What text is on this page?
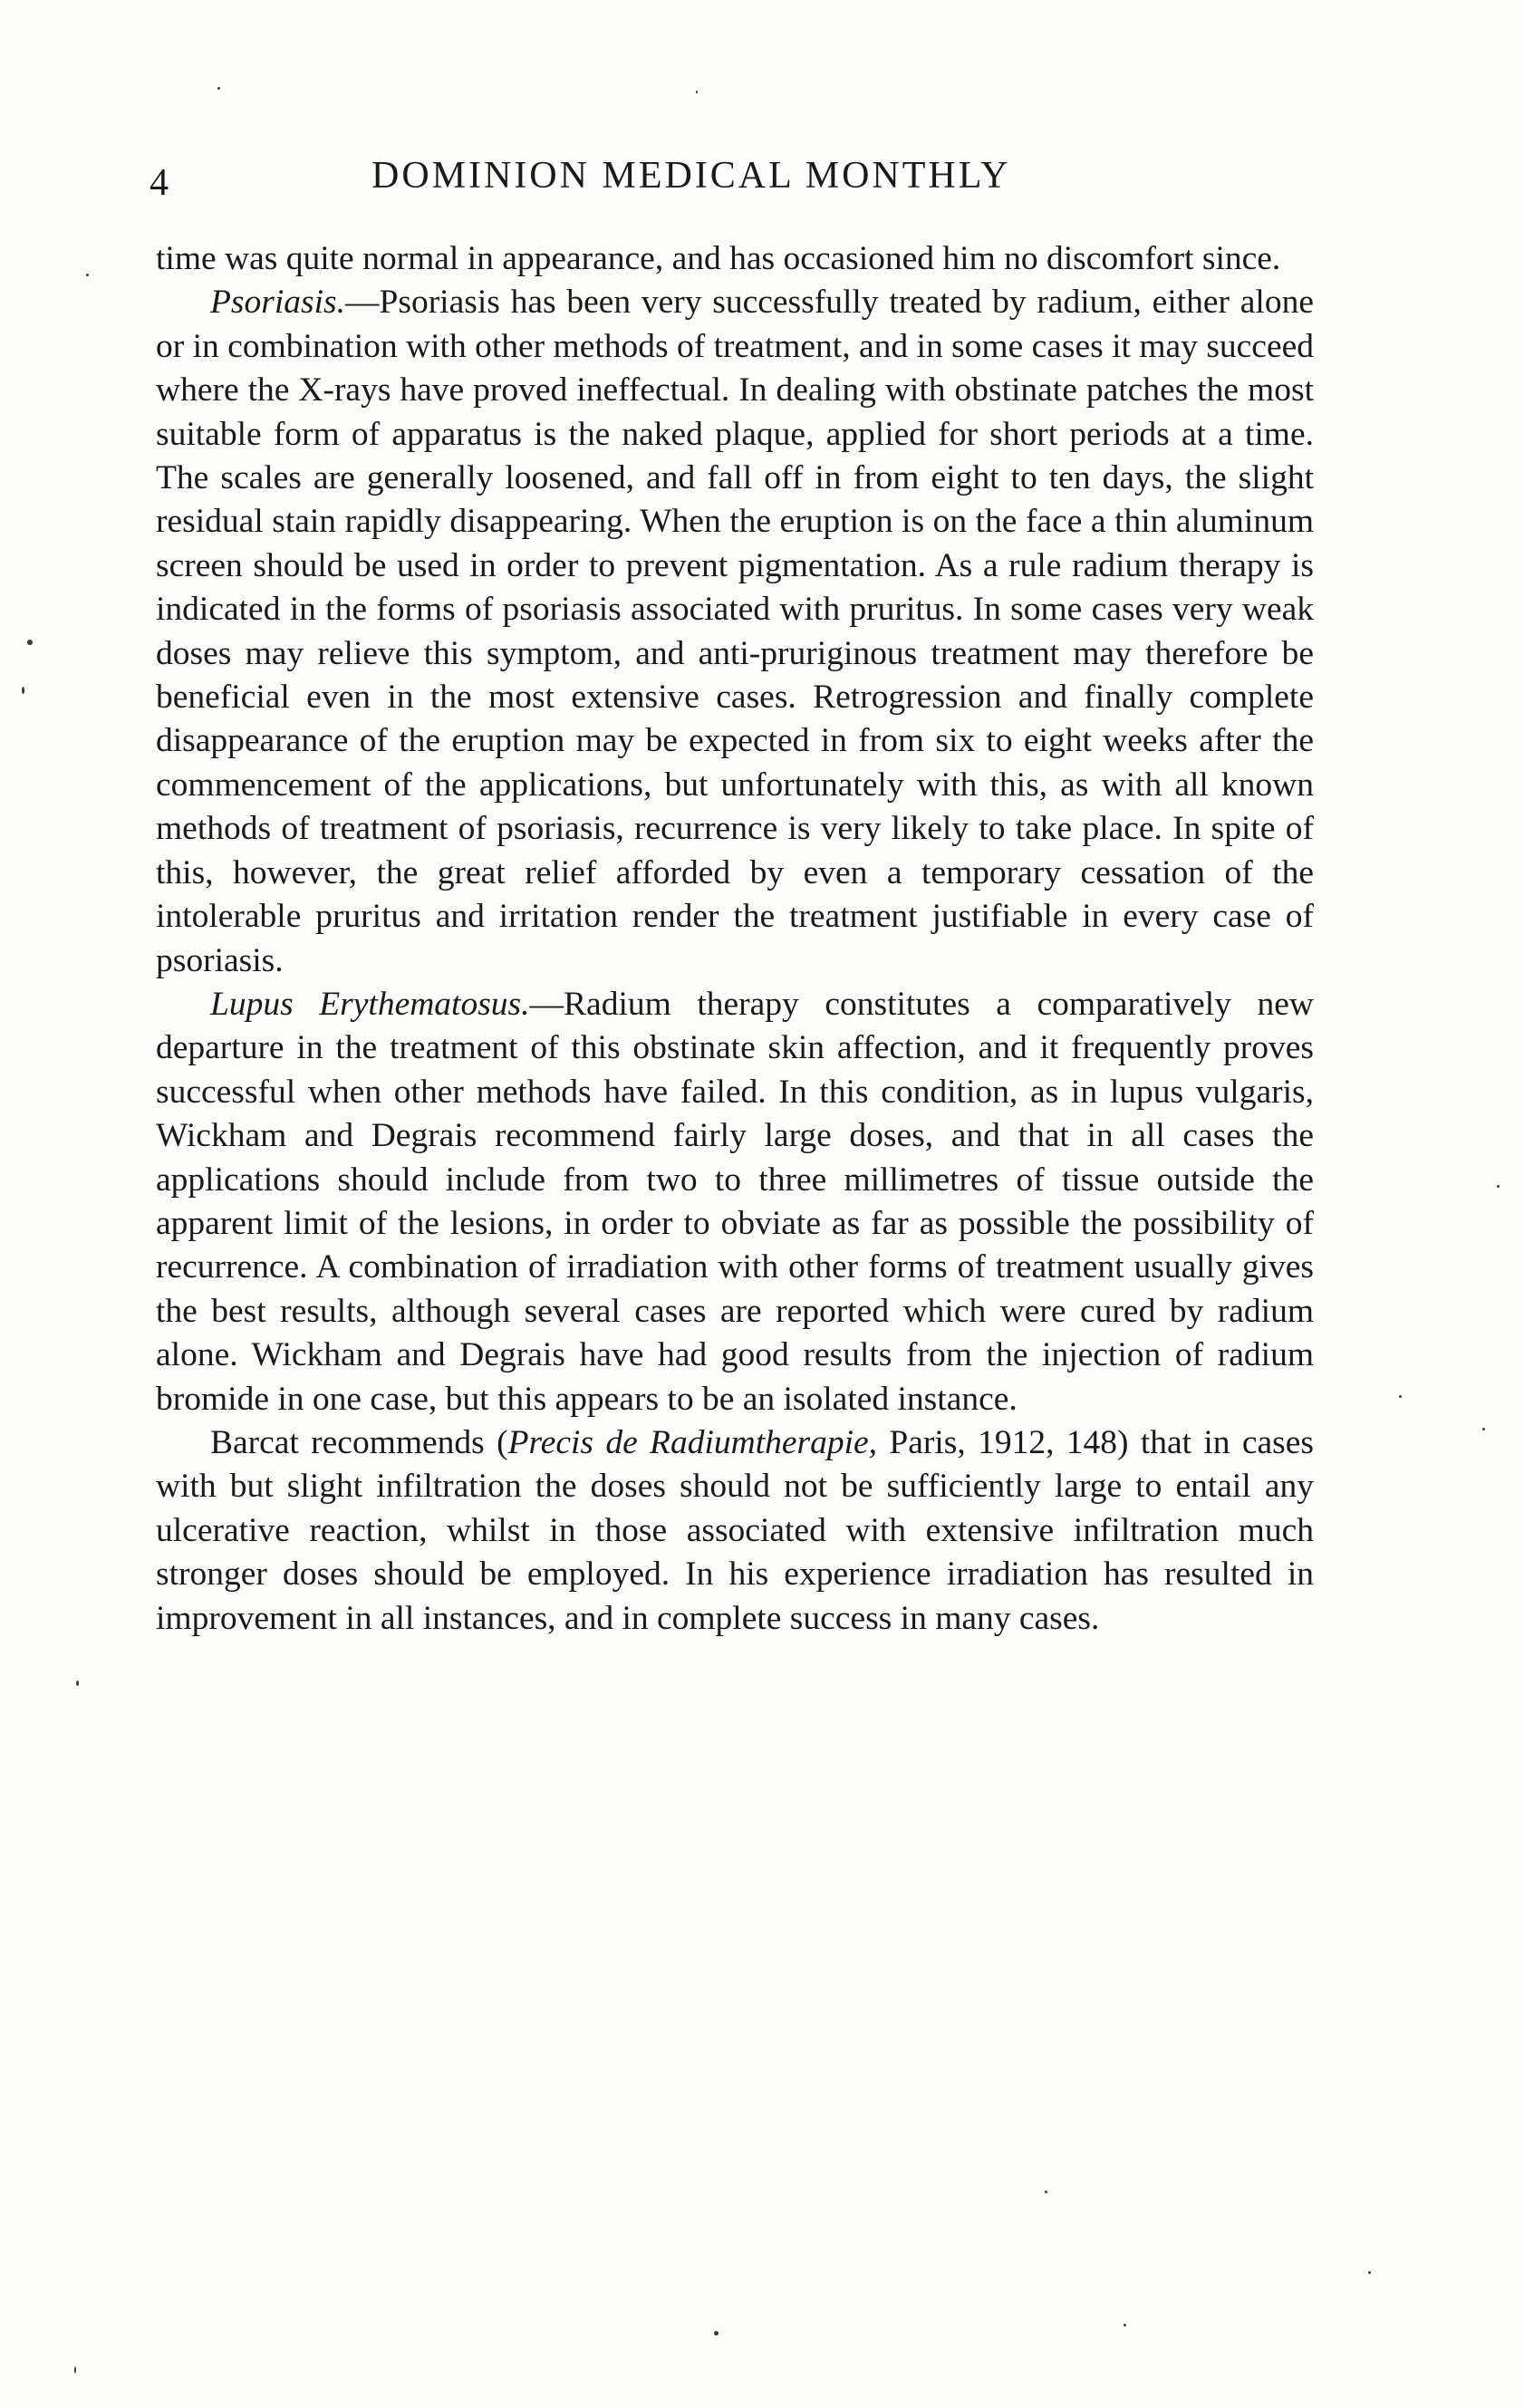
4	DOMINION MEDICAL MONTHLY

time was quite normal in appearance, and has occasioned him no discomfort since.

Psoriasis.—Psoriasis has been very successfully treated by radium, either alone or in combination with other methods of treatment, and in some cases it may succeed where the X-rays have proved ineffectual. In dealing with obstinate patches the most suitable form of apparatus is the naked plaque, applied for short periods at a time. The scales are generally loosened, and fall off in from eight to ten days, the slight residual stain rapidly disappearing. When the eruption is on the face a thin aluminum screen should be used in order to prevent pigmentation. As a rule radium therapy is indicated in the forms of psoriasis associated with pruritus. In some cases very weak doses may relieve this symptom, and anti-pruriginous treatment may therefore be beneficial even in the most extensive cases. Retrogression and finally complete disappearance of the eruption may be expected in from six to eight weeks after the commencement of the applications, but unfortunately with this, as with all known methods of treatment of psoriasis, recurrence is very likely to take place. In spite of this, however, the great relief afforded by even a temporary cessation of the intolerable pruritus and irritation render the treatment justifiable in every case of psoriasis.

Lupus Erythematosus.—Radium therapy constitutes a comparatively new departure in the treatment of this obstinate skin affection, and it frequently proves successful when other methods have failed. In this condition, as in lupus vulgaris, Wickham and Degrais recommend fairly large doses, and that in all cases the applications should include from two to three millimetres of tissue outside the apparent limit of the lesions, in order to obviate as far as possible the possibility of recurrence. A combination of irradiation with other forms of treatment usually gives the best results, although several cases are reported which were cured by radium alone. Wickham and Degrais have had good results from the injection of radium bromide in one case, but this appears to be an isolated instance.

Barcat recommends (Precis de Radiumtherapie, Paris, 1912, 148) that in cases with but slight infiltration the doses should not be sufficiently large to entail any ulcerative reaction, whilst in those associated with extensive infiltration much stronger doses should be employed. In his experience irradiation has resulted in improvement in all instances, and in complete success in many cases.
